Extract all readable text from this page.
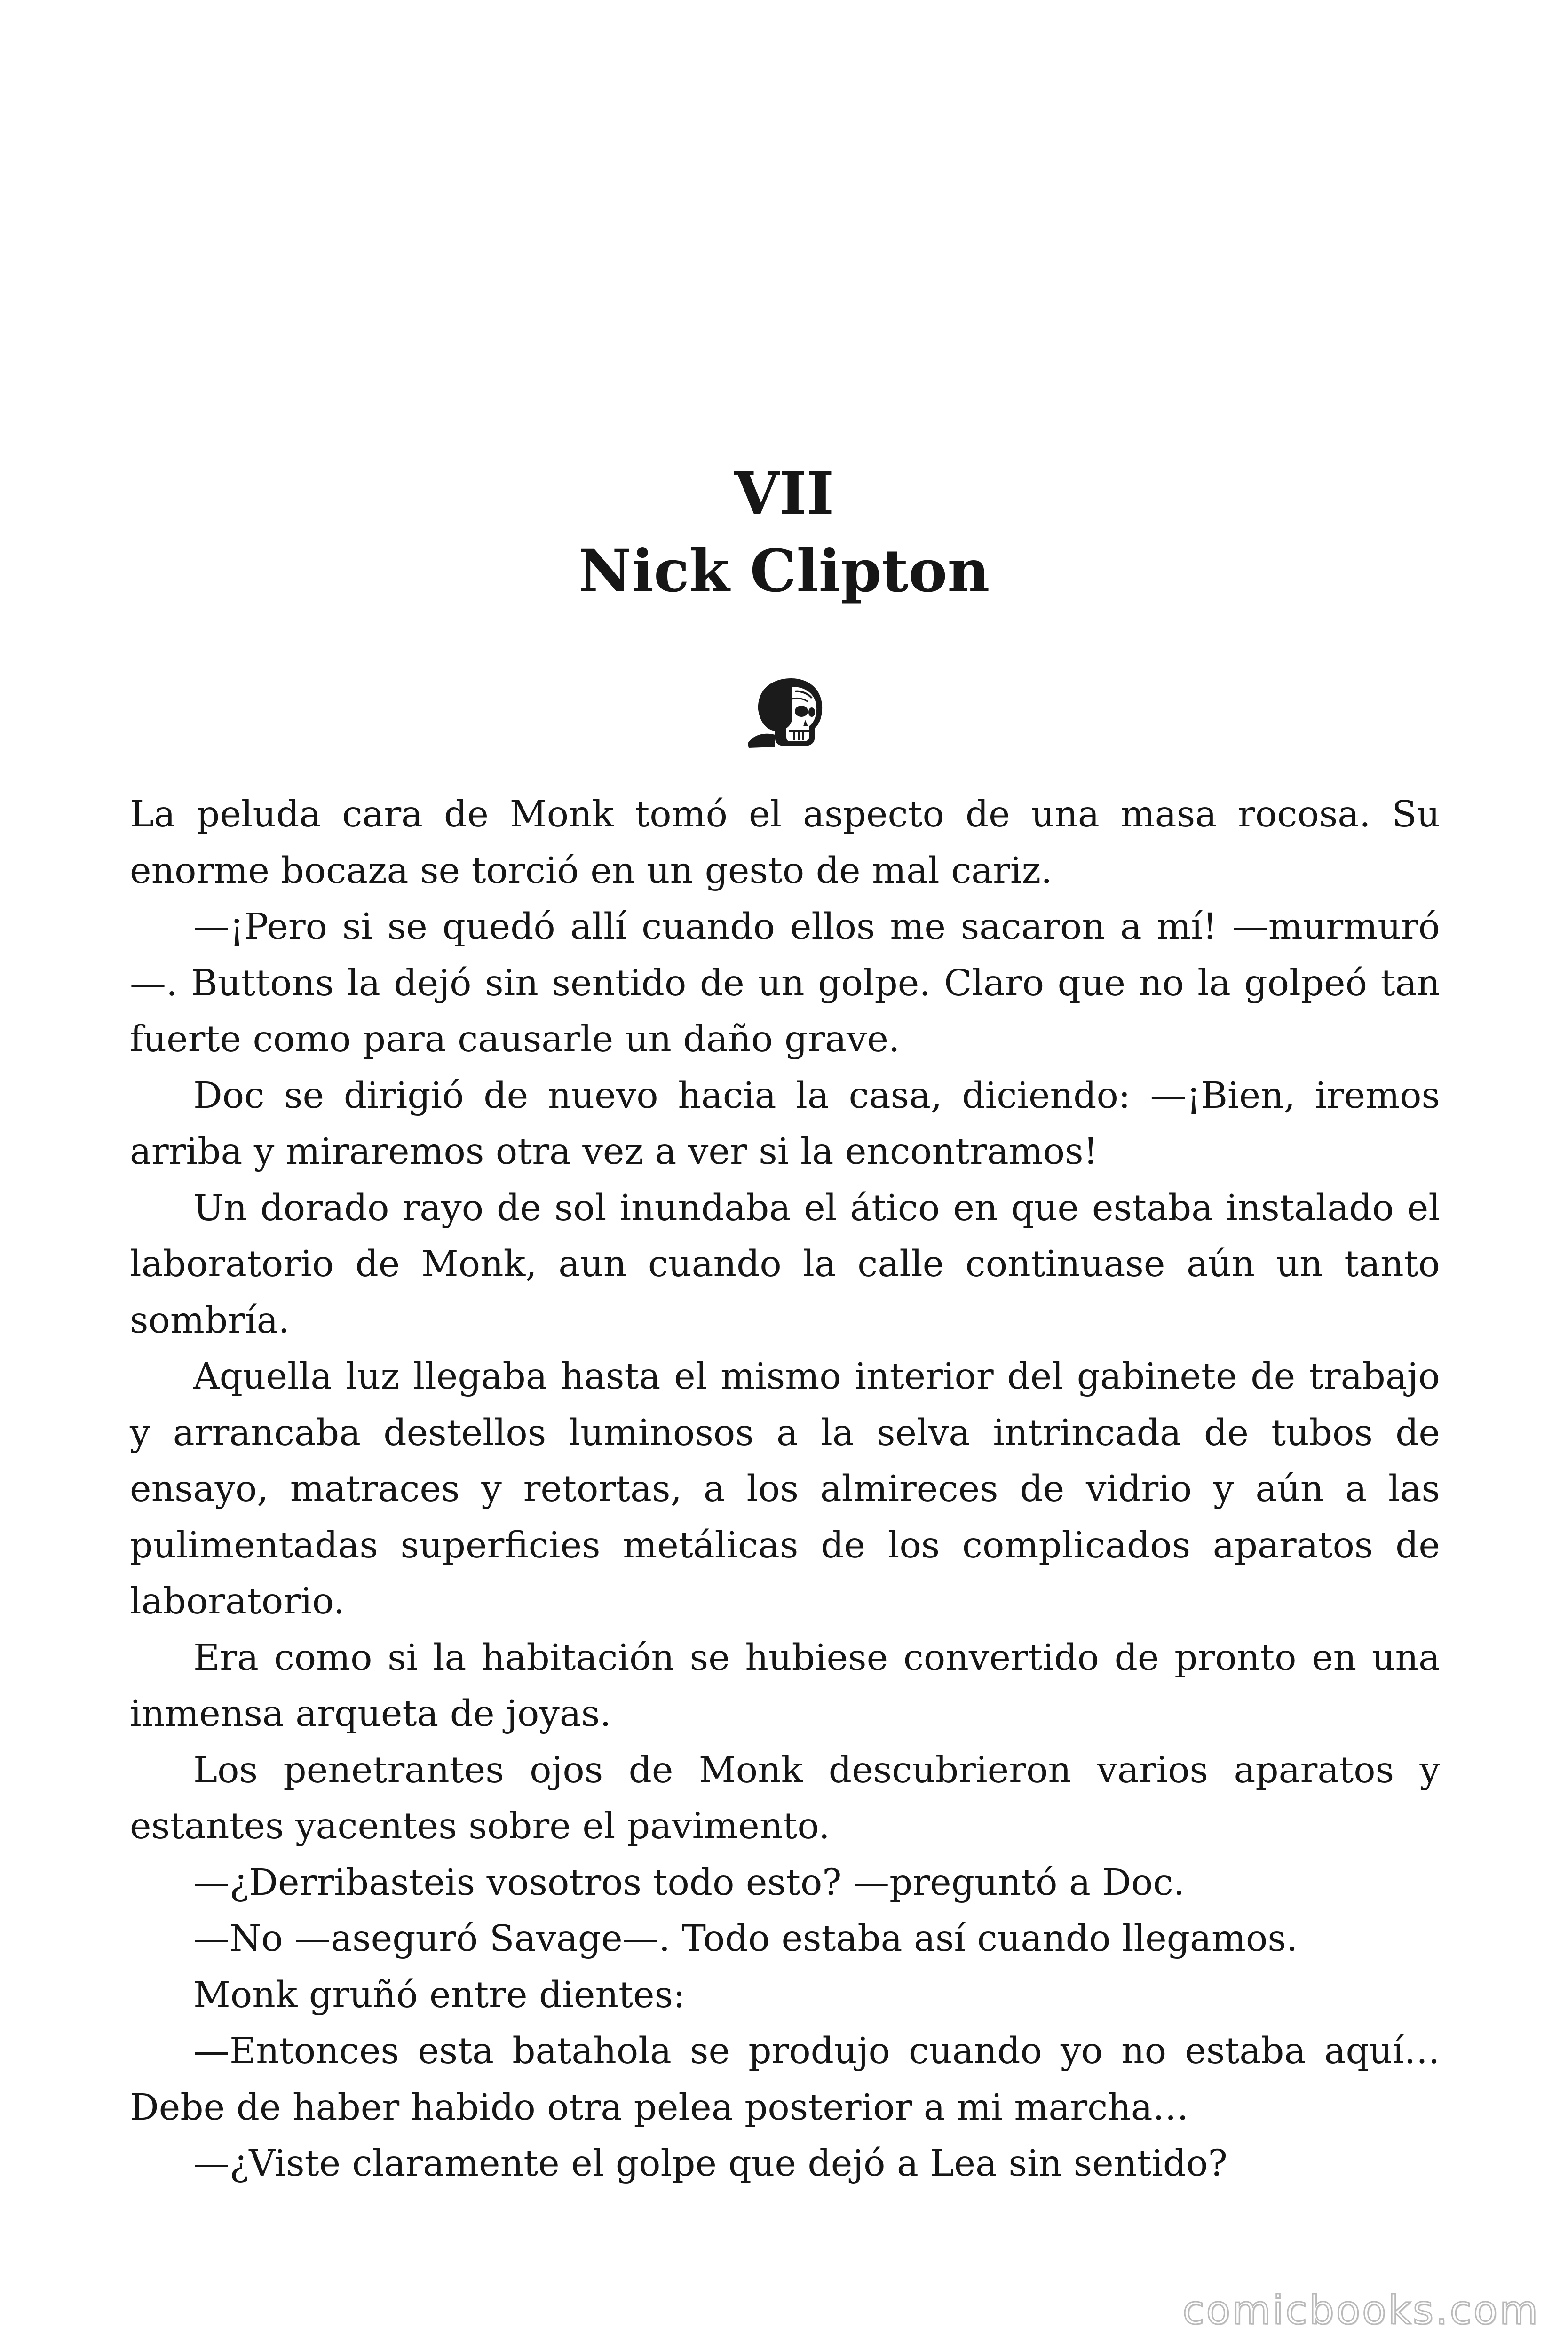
VII
Nick Clipton

La peluda cara de Monk tomó el aspecto de una masa rocosa. Su enorme bocaza se torció en un gesto de mal cariz.

—¡Pero si se quedó allí cuando ellos me sacaron a mí! —murmuró—. Buttons la dejó sin sentido de un golpe. Claro que no la golpeó tan fuerte como para causarle un daño grave.

Doc se dirigió de nuevo hacia la casa, diciendo: —¡Bien, iremos arriba y miraremos otra vez a ver si la encontramos!

Un dorado rayo de sol inundaba el ático en que estaba instalado el laboratorio de Monk, aun cuando la calle continuase aún un tanto sombría.

Aquella luz llegaba hasta el mismo interior del gabinete de trabajo y arrancaba destellos luminosos a la selva intrincada de tubos de ensayo, matraces y retortas, a los almireces de vidrio y aún a las pulimentadas superficies metálicas de los complicados aparatos de laboratorio.

Era como si la habitación se hubiese convertido de pronto en una inmensa arqueta de joyas.

Los penetrantes ojos de Monk descubrieron varios aparatos y estantes yacentes sobre el pavimento.

—¿Derribasteis vosotros todo esto? —preguntó a Doc.

—No —aseguró Savage—. Todo estaba así cuando llegamos.

Monk gruñó entre dientes:

—Entonces esta batahola se produjo cuando yo no estaba aquí… Debe de haber habido otra pelea posterior a mi marcha…

—¿Viste claramente el golpe que dejó a Lea sin sentido?

comicbooks.com
